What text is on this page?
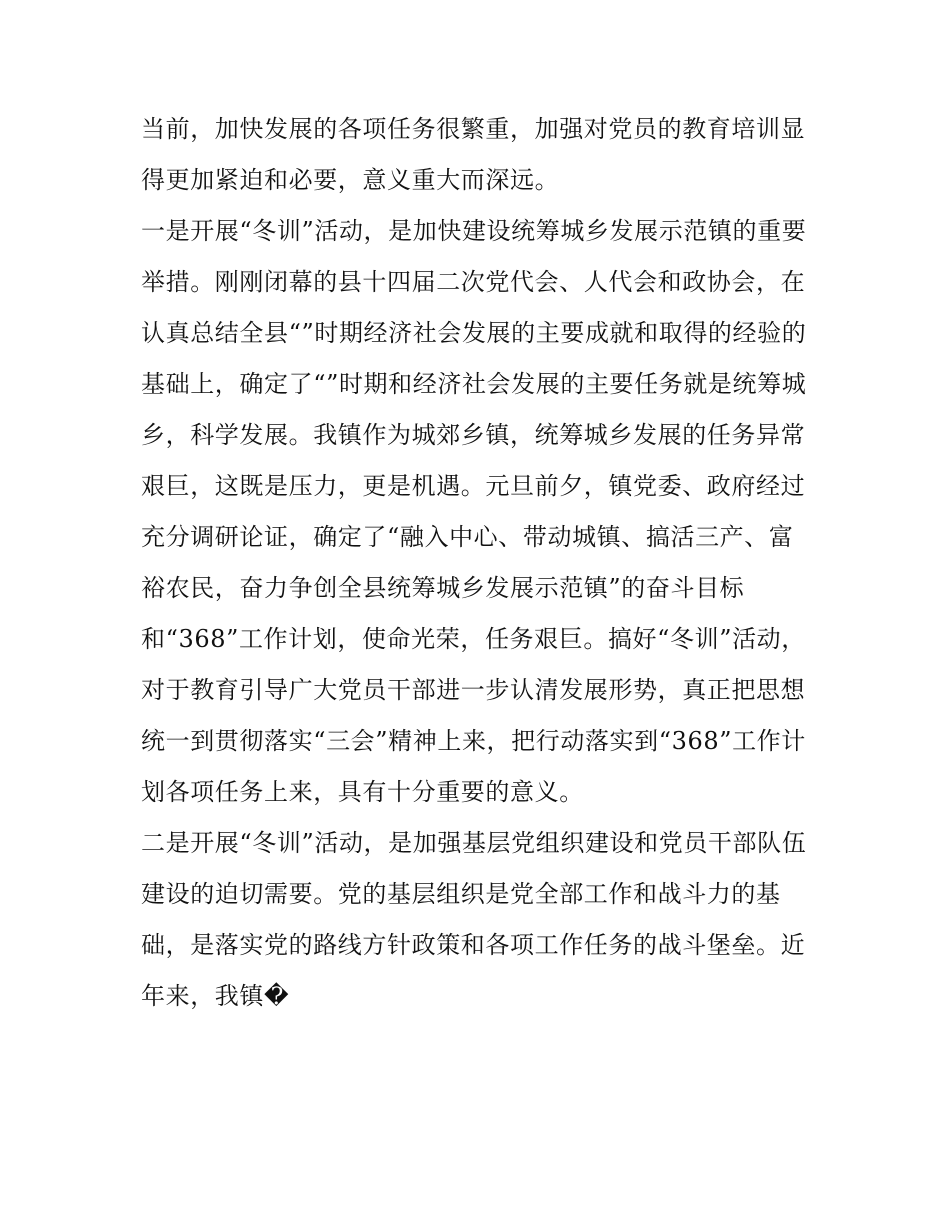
当前，加快发展的各项任务很繁重，加强对党员的教育培训显
得更加紧迫和必要，意义重大而深远。
一是开展“冬训”活动，是加快建设统筹城乡发展示范镇的重要
举措。刚刚闭幕的县十四届二次党代会、人代会和政协会，在
认真总结全县“”时期经济社会发展的主要成就和取得的经验的
基础上，确定了“”时期和经济社会发展的主要任务就是统筹城
乡，科学发展。我镇作为城郊乡镇，统筹城乡发展的任务异常
艰巨，这既是压力，更是机遇。元旦前夕，镇党委、政府经过
充分调研论证，确定了“融入中心、带动城镇、搞活三产、富
裕农民，奋力争创全县统筹城乡发展示范镇”的奋斗目标
和“368”工作计划，使命光荣，任务艰巨。搞好“冬训”活动，
对于教育引导广大党员干部进一步认清发展形势，真正把思想
统一到贯彻落实“三会”精神上来，把行动落实到“368”工作计
划各项任务上来，具有十分重要的意义。
二是开展“冬训”活动，是加强基层党组织建设和党员干部队伍
建设的迫切需要。党的基层组织是党全部工作和战斗力的基
础，是落实党的路线方针政策和各项工作任务的战斗堡垒。近
年来，我镇�
